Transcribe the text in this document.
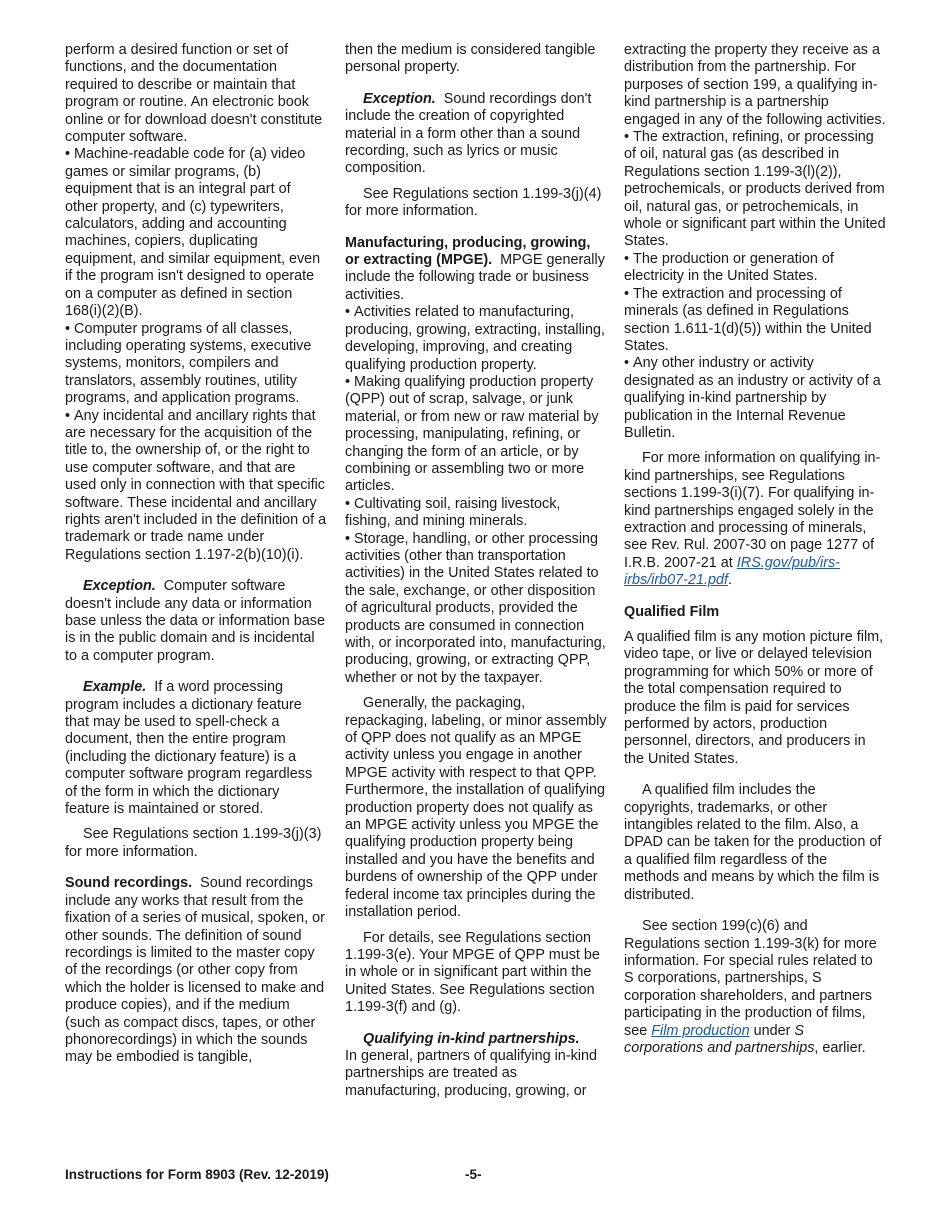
perform a desired function or set of functions, and the documentation required to describe or maintain that program or routine. An electronic book online or for download doesn't constitute computer software.

• Machine-readable code for (a) video games or similar programs, (b) equipment that is an integral part of other property, and (c) typewriters, calculators, adding and accounting machines, copiers, duplicating equipment, and similar equipment, even if the program isn't designed to operate on a computer as defined in section 168(i)(2)(B).

• Computer programs of all classes, including operating systems, executive systems, monitors, compilers and translators, assembly routines, utility programs, and application programs.

• Any incidental and ancillary rights that are necessary for the acquisition of the title to, the ownership of, or the right to use computer software, and that are used only in connection with that specific software. These incidental and ancillary rights aren't included in the definition of a trademark or trade name under Regulations section 1.197-2(b)(10)(i).

Exception. Computer software doesn't include any data or information base unless the data or information base is in the public domain and is incidental to a computer program.

Example. If a word processing program includes a dictionary feature that may be used to spell-check a document, then the entire program (including the dictionary feature) is a computer software program regardless of the form in which the dictionary feature is maintained or stored.

See Regulations section 1.199-3(j)(3) for more information.

Sound recordings. Sound recordings include any works that result from the fixation of a series of musical, spoken, or other sounds. The definition of sound recordings is limited to the master copy of the recordings (or other copy from which the holder is licensed to make and produce copies), and if the medium (such as compact discs, tapes, or other phonorecordings) in which the sounds may be embodied is tangible,

then the medium is considered tangible personal property.

Exception. Sound recordings don't include the creation of copyrighted material in a form other than a sound recording, such as lyrics or music composition.

See Regulations section 1.199-3(j)(4) for more information.

Manufacturing, producing, growing, or extracting (MPGE). MPGE generally include the following trade or business activities.

• Activities related to manufacturing, producing, growing, extracting, installing, developing, improving, and creating qualifying production property.

• Making qualifying production property (QPP) out of scrap, salvage, or junk material, or from new or raw material by processing, manipulating, refining, or changing the form of an article, or by combining or assembling two or more articles.

• Cultivating soil, raising livestock, fishing, and mining minerals.

• Storage, handling, or other processing activities (other than transportation activities) in the United States related to the sale, exchange, or other disposition of agricultural products, provided the products are consumed in connection with, or incorporated into, manufacturing, producing, growing, or extracting QPP, whether or not by the taxpayer.

Generally, the packaging, repackaging, labeling, or minor assembly of QPP does not qualify as an MPGE activity unless you engage in another MPGE activity with respect to that QPP. Furthermore, the installation of qualifying production property does not qualify as an MPGE activity unless you MPGE the qualifying production property being installed and you have the benefits and burdens of ownership of the QPP under federal income tax principles during the installation period.

For details, see Regulations section 1.199-3(e). Your MPGE of QPP must be in whole or in significant part within the United States. See Regulations section 1.199-3(f) and (g).

Qualifying in-kind partnerships.
In general, partners of qualifying in-kind partnerships are treated as manufacturing, producing, growing, or

extracting the property they receive as a distribution from the partnership. For purposes of section 199, a qualifying in-kind partnership is a partnership engaged in any of the following activities.

• The extraction, refining, or processing of oil, natural gas (as described in Regulations section 1.199-3(l)(2)), petrochemicals, or products derived from oil, natural gas, or petrochemicals, in whole or significant part within the United States.

• The production or generation of electricity in the United States.

• The extraction and processing of minerals (as defined in Regulations section 1.611-1(d)(5)) within the United States.

• Any other industry or activity designated as an industry or activity of a qualifying in-kind partnership by publication in the Internal Revenue Bulletin.

For more information on qualifying in-kind partnerships, see Regulations sections 1.199-3(i)(7). For qualifying in-kind partnerships engaged solely in the extraction and processing of minerals, see Rev. Rul. 2007-30 on page 1277 of I.R.B. 2007-21 at IRS.gov/pub/irs-irbs/irb07-21.pdf.

Qualified Film

A qualified film is any motion picture film, video tape, or live or delayed television programming for which 50% or more of the total compensation required to produce the film is paid for services performed by actors, production personnel, directors, and producers in the United States.

A qualified film includes the copyrights, trademarks, or other intangibles related to the film. Also, a DPAD can be taken for the production of a qualified film regardless of the methods and means by which the film is distributed.

See section 199(c)(6) and Regulations section 1.199-3(k) for more information. For special rules related to S corporations, partnerships, S corporation shareholders, and partners participating in the production of films, see Film production under S corporations and partnerships, earlier.

Instructions for Form 8903 (Rev. 12-2019)	-5-
